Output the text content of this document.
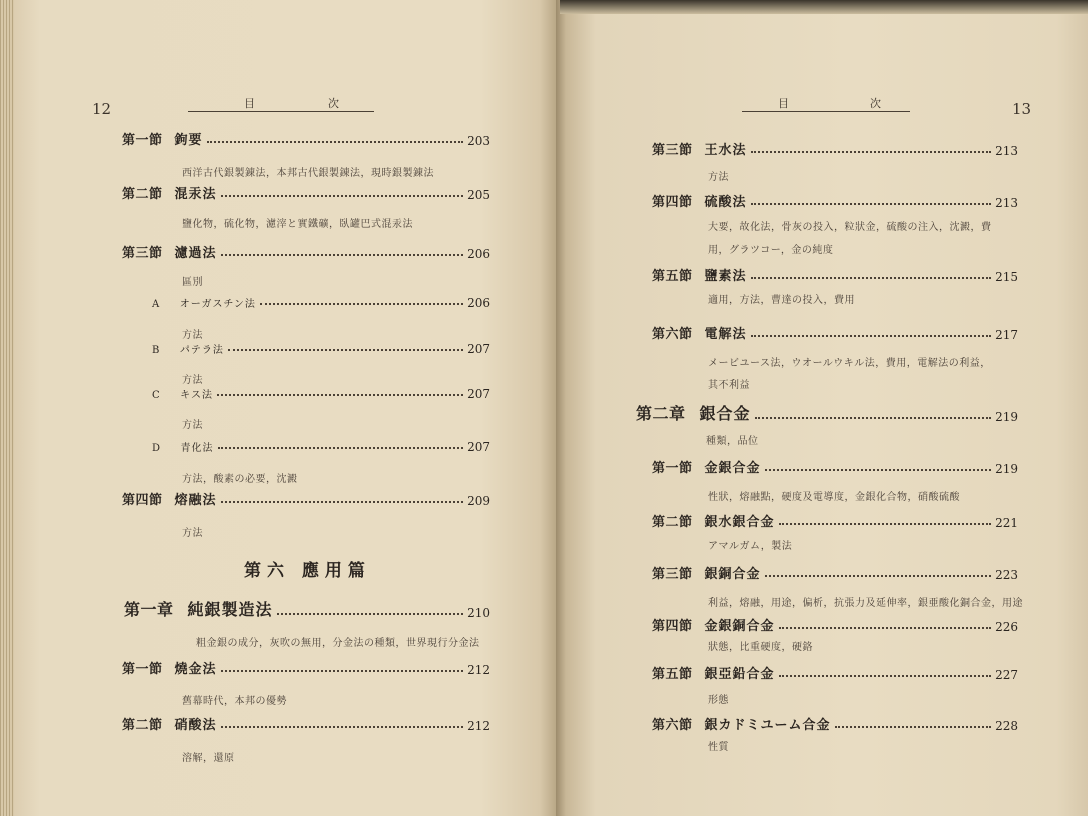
12	目	次
第一節 鉤要	203
西洋古代銀製錬法，本邦古代銀製錬法，現時銀製錬法
第二節 混汞法	205
鹽化物，硫化物，濾滓と實鐵礦，臥罐巴式混汞法
第三節 濾過法	206
區別
A オーガスチン法	206
方法
B パテラ法	207
方法
C キス法	207
方法
D 青化法	207
方法，酸素の必要，沈澱
第四節 熔融法	209
方法
第一章 純銀製造法	210
粗金銀の成分，灰吹の無用，分金法の種類，世界現行分金法
第一節 燒金法	212
舊幕時代，本邦の優勢
第二節 硝酸法	212
溶解，還原
第六 應用篇
13
目	次
第三節 王水法	213
方法
第四節 硫酸法	213
大要，故化法，骨灰の投入，粒狀金，硫酸の注入，沈澱，費
用，グラツコー，金の純度
第五節 鹽素法	215
適用，方法，曹達の投入，費用
第六節 電解法	217
メービユース法，ウオールウキル法，費用，電解法の利益，
其不利益
第二章 銀合金	219
種類，品位
第一節 金銀合金	219
性狀，熔融點，硬度及電導度，金銀化合物，硝酸硫酸
第二節 銀水銀合金	221
アマルガム，製法
第三節 銀銅合金	223
利益，熔融，用途，偏析，抗張力及延伸率，銀亜酸化銅合金，用途
第四節 金銀銅合金	226
狀態，比重硬度，硬鉻
第五節 銀亞鉛合金	227
形態
第六節 銀カドミユーム合金	228
性質
